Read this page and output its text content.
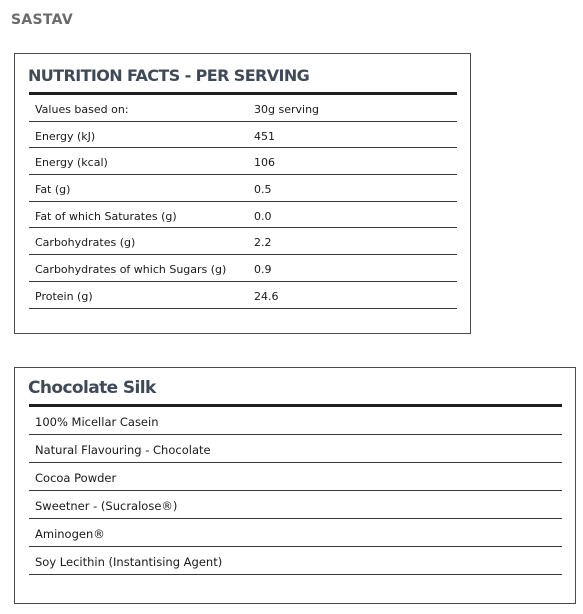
SASTAV
NUTRITION FACTS - PER SERVING
Values based on:	30g serving
Energy (kJ)	451
Energy (kcal)	106
Fat (g)	0.5
Fat of which Saturates (g)	0.0
Carbohydrates (g)	2.2
Carbohydrates of which Sugars (g)	0.9
Protein (g)	24.6
Chocolate Silk
100% Micellar Casein
Natural Flavouring - Chocolate
Cocoa Powder
Sweetner - (Sucralose®)
Aminogen®
Soy Lecithin (Instantising Agent)
